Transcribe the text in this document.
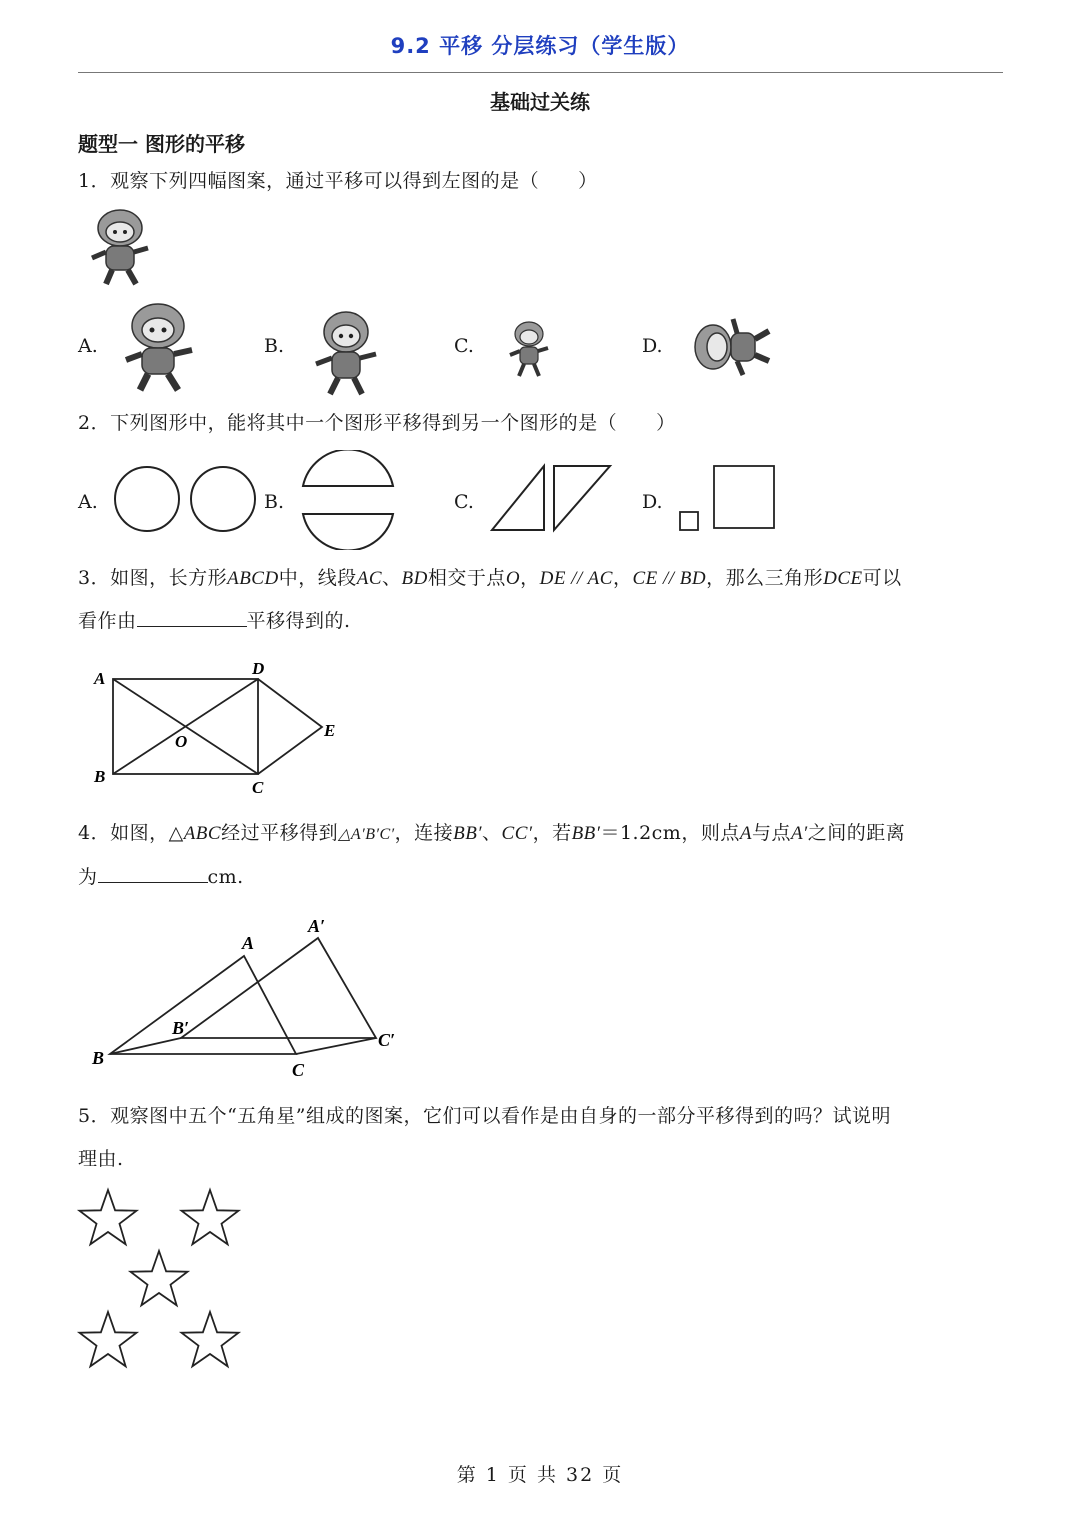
9.2 平移 分层练习（学生版）
基础过关练
题型一 图形的平移
1．观察下列四幅图案，通过平移可以得到左图的是（　　）
A.	B.	C.	D.
2．下列图形中，能将其中一个图形平移得到另一个图形的是（　　）
A.	B.	C.	D.
3．如图，长方形ABCD中，线段AC、BD相交于点O，DE // AC，CE // BD，那么三角形DCE可以
看作由	平移得到的.
A
B
C
D
E
O
4．如图，△ABC经过平移得到△A′B′C′，连接BB′、CC′，若BB′＝1.2cm，则点A与点A′之间的距离
为	cm.
B
C
A
A′
B′
C′
5．观察图中五个“五角星”组成的图案，它们可以看作是由自身的一部分平移得到的吗？试说明
理由.
第 1 页 共 32 页
